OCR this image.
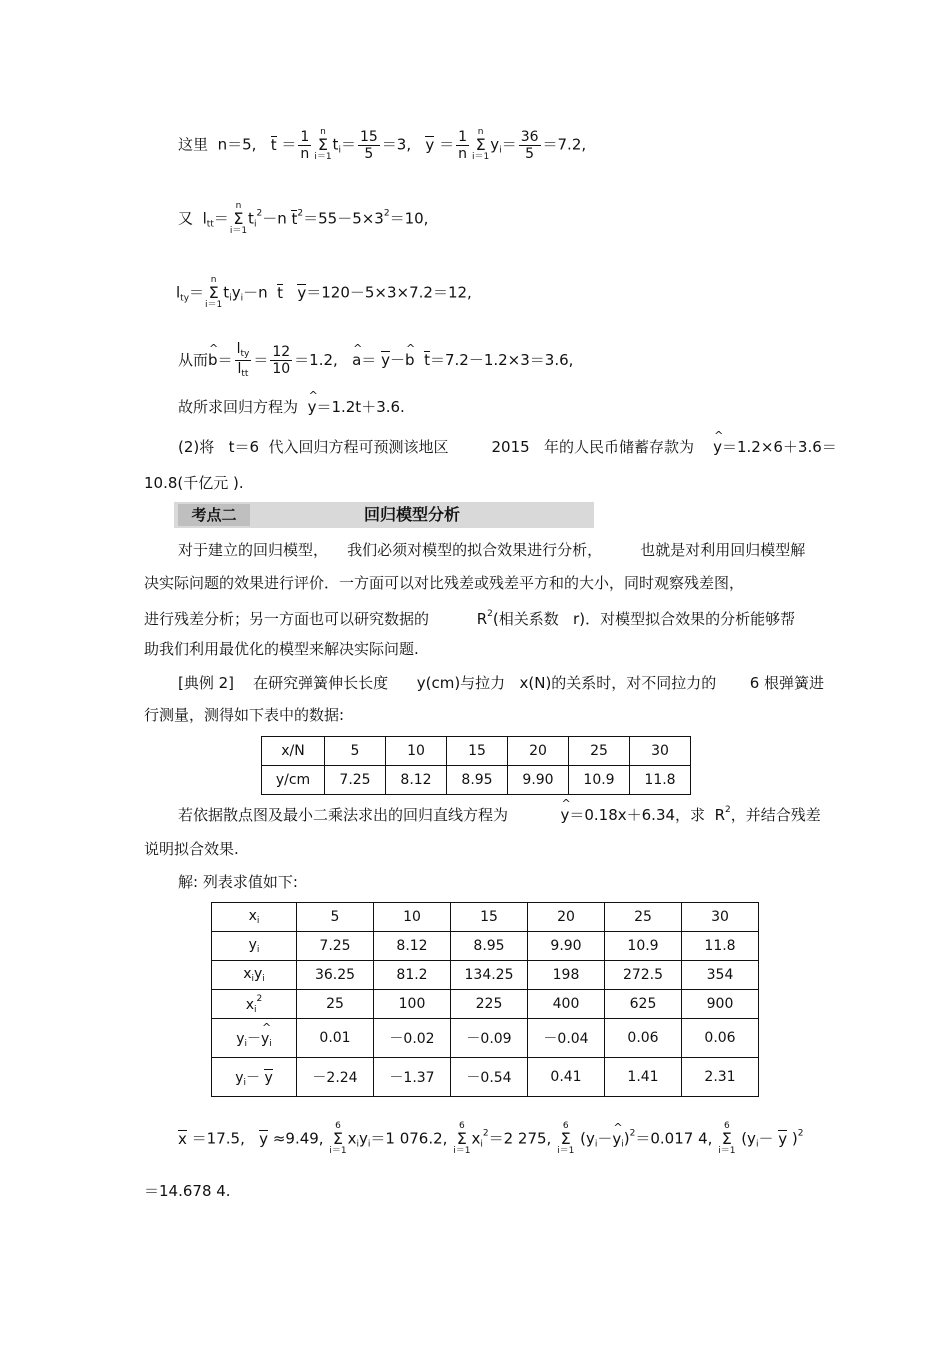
这里 n＝5, $t = \frac{1}{n}$ n
Σ
i＝1
$t_i= \frac{15}{5} =3$, $y = \frac{1}{n}$ n
Σ
i＝1
$y_i= \frac{36}{5} =7.2$,
又 $l_{tt}=$
n
Σ
i＝1
$t_i^2-n$ $t^2=55-5\times 3^2=10$,
$l_{ty}=$
n
Σ
i＝1
$t_iy_i-n$ t y＝120－5×3×7.2＝12,
从而^ $b= \frac{l_{ty}}{l_{tt}} = \frac{12}{10} =1.2$, ^ a＝ y－^ b t＝7.2－1.2×3＝3.6,
故所求回归方程为 ^ y＝1.2t＋3.6.
(2)将 t＝6 代入回归方程可预测该地区	2015 年的人民币储蓄存款为 ^ y＝1.2×6＋3.6＝
10.8(千亿元 ).
考点二	回归模型分析
对于建立的回归模型， 我们必须对模型的拟合效果进行分析，	也就是对利用回归模型解
决实际问题的效果进行评价．一方面可以对比残差或残差平方和的大小，同时观察残差图，
进行残差分析；另一方面也可以研究数据的	$R^2$(相关系数 r)．对模型拟合效果的分析能够帮
助我们利用最优化的模型来解决实际问题.
[典例 2] 在研究弹簧伸长长度 y(cm)与拉力 x(N)的关系时，对不同拉力的 6 根弹簧进
行测量，测得如下表中的数据:
x/N	5	10	15	20	25	30
y/cm	7.25	8.12	8.95	9.90	10.9	11.8
若依据散点图及最小二乘法求出的回归直线方程为	^ y＝0.18x＋6.34，求 $R^2$，并结合残差
说明拟合效果.
解: 列表求值如下:
$x_i$	5	10	15	20	25	30
$y_i$	7.25	8.12	8.95	9.90	10.9	11.8
$x_iy_i$	36.25	81.2	134.25	198	272.5	354
$x_i^2$	25	100	225	400	625	900
$y_i-\^{}$ $y_i$	0.01	－0.02	－0.09	－0.04	0.06	0.06
$y_i- y$	－2.24	－1.37	－0.54	0.41	1.41	2.31
x ＝17.5, y ≈9.49,
6
Σ
i＝1
$x_iy_i=1$ 076.2,
6
Σ
i＝1
$x_i^2=2$ 275,
6
Σ
i＝1
($y_i-\^{}$ $y_i)^2=0.017$ 4,
6
Σ
i＝1
($y_i- y$ )$^2$
＝14.678 4.
